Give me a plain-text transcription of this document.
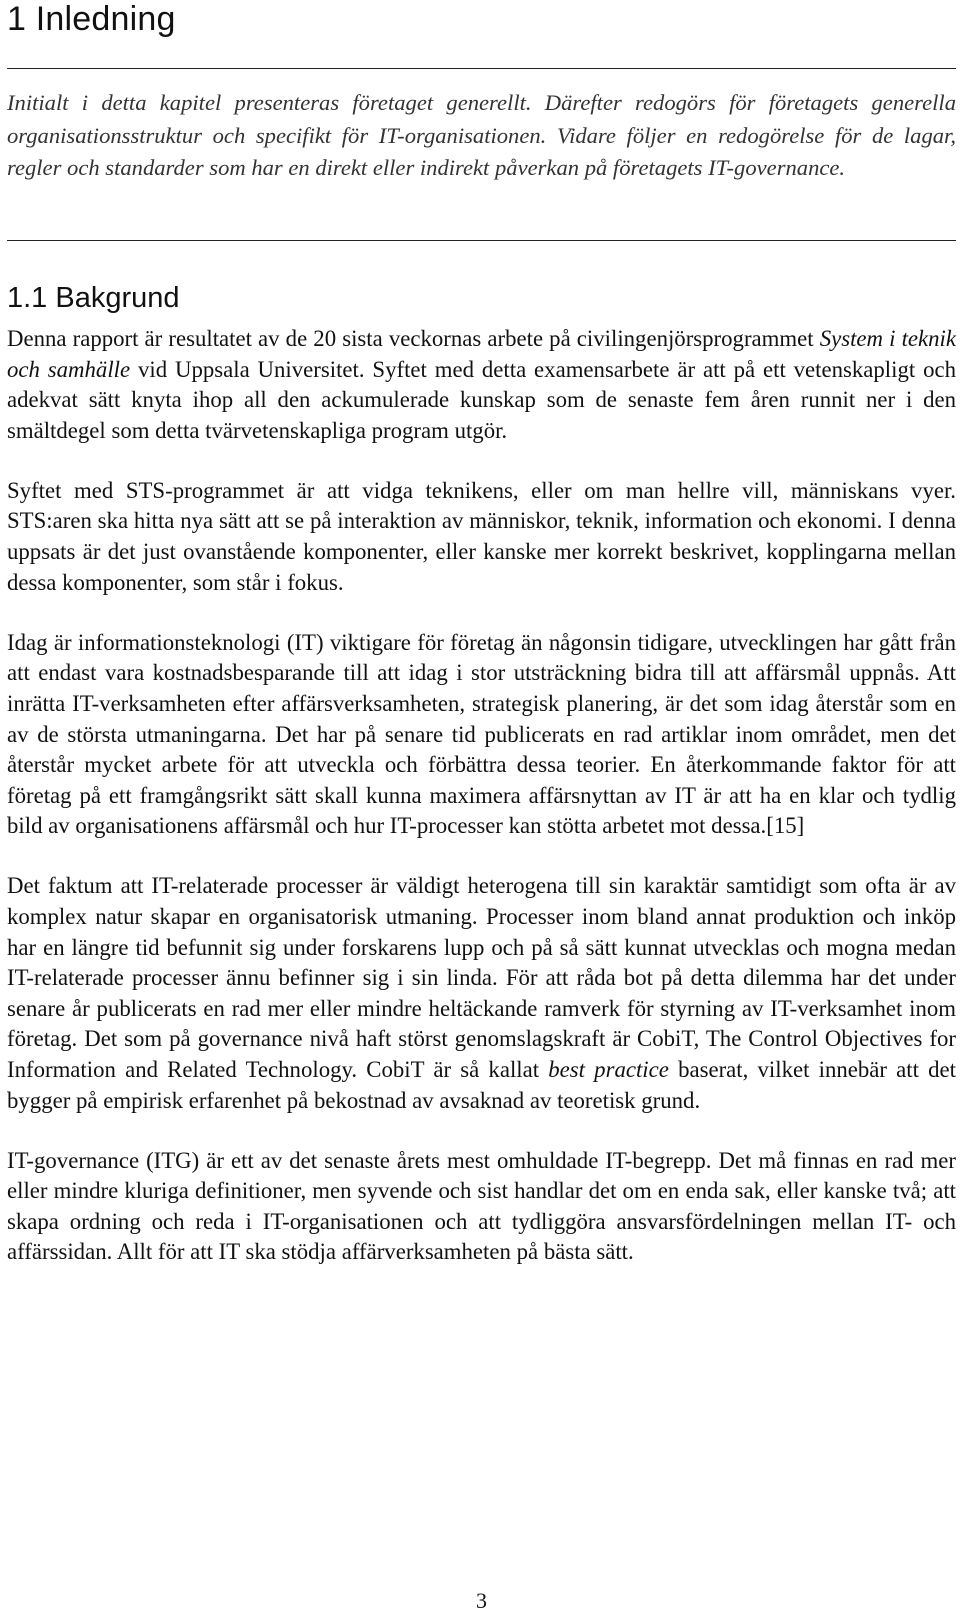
1 Inledning

Initialt i detta kapitel presenteras företaget generellt. Därefter redogörs för företagets generella organisationsstruktur och specifikt för IT-organisationen. Vidare följer en redogörelse för de lagar, regler och standarder som har en direkt eller indirekt påverkan på företagets IT-governance.

1.1 Bakgrund

Denna rapport är resultatet av de 20 sista veckornas arbete på civilingenjörsprogrammet System i teknik och samhälle vid Uppsala Universitet. Syftet med detta examensarbete är att på ett vetenskapligt och adekvat sätt knyta ihop all den ackumulerade kunskap som de senaste fem åren runnit ner i den smältdegel som detta tvärvetenskapliga program utgör.

Syftet med STS-programmet är att vidga teknikens, eller om man hellre vill, människans vyer. STS:aren ska hitta nya sätt att se på interaktion av människor, teknik, information och ekonomi. I denna uppsats är det just ovanstående komponenter, eller kanske mer korrekt beskrivet, kopplingarna mellan dessa komponenter, som står i fokus.

Idag är informationsteknologi (IT) viktigare för företag än någonsin tidigare, utvecklingen har gått från att endast vara kostnadsbesparande till att idag i stor utsträckning bidra till att affärsmål uppnås. Att inrätta IT-verksamheten efter affärsverksamheten, strategisk planering, är det som idag återstår som en av de största utmaningarna. Det har på senare tid publicerats en rad artiklar inom området, men det återstår mycket arbete för att utveckla och förbättra dessa teorier. En återkommande faktor för att företag på ett framgångsrikt sätt skall kunna maximera affärsnyttan av IT är att ha en klar och tydlig bild av organisationens affärsmål och hur IT-processer kan stötta arbetet mot dessa.[15]

Det faktum att IT-relaterade processer är väldigt heterogena till sin karaktär samtidigt som ofta är av komplex natur skapar en organisatorisk utmaning. Processer inom bland annat produktion och inköp har en längre tid befunnit sig under forskarens lupp och på så sätt kunnat utvecklas och mogna medan IT-relaterade processer ännu befinner sig i sin linda. För att råda bot på detta dilemma har det under senare år publicerats en rad mer eller mindre heltäckande ramverk för styrning av IT-verksamhet inom företag. Det som på governance nivå haft störst genomslagskraft är CobiT, The Control Objectives for Information and Related Technology. CobiT är så kallat best practice baserat, vilket innebär att det bygger på empirisk erfarenhet på bekostnad av avsaknad av teoretisk grund.

IT-governance (ITG) är ett av det senaste årets mest omhuldade IT-begrepp. Det må finnas en rad mer eller mindre kluriga definitioner, men syvende och sist handlar det om en enda sak, eller kanske två; att skapa ordning och reda i IT-organisationen och att tydliggöra ansvarsfördelningen mellan IT- och affärssidan. Allt för att IT ska stödja affärverksamheten på bästa sätt.

3
